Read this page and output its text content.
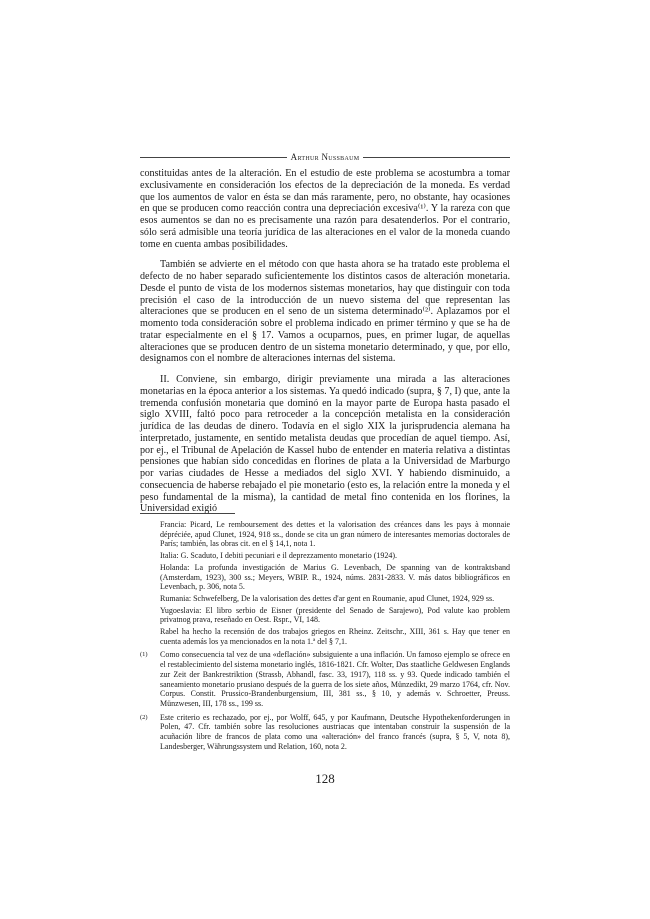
Arthur Nussbaum

constituidas antes de la alteración. En el estudio de este problema se acostumbra a tomar exclusivamente en consideración los efectos de la depreciación de la moneda. Es verdad que los aumentos de valor en ésta se dan más raramente, pero, no obstante, hay ocasiones en que se producen como reacción contra una depreciación excesiva⁽¹⁾. Y la rareza con que esos aumentos se dan no es precisamente una razón para desatenderlos. Por el contrario, sólo será admisible una teoría jurídica de las alteraciones en el valor de la moneda cuando tome en cuenta ambas posibilidades.

También se advierte en el método con que hasta ahora se ha tratado este problema el defecto de no haber separado suficientemente los distintos casos de alteración monetaria. Desde el punto de vista de los modernos sistemas monetarios, hay que distinguir con toda precisión el caso de la introducción de un nuevo sistema del que representan las alteraciones que se producen en el seno de un sistema determinado⁽²⁾. Aplazamos por el momento toda consideración sobre el problema indicado en primer término y que se ha de tratar especialmente en el § 17. Vamos a ocuparnos, pues, en primer lugar, de aquellas alteraciones que se producen dentro de un sistema monetario determinado, y que, por ello, designamos con el nombre de alteraciones internas del sistema.

II. Conviene, sin embargo, dirigir previamente una mirada a las alteraciones monetarias en la época anterior a los sistemas. Ya quedó indicado (supra, § 7, I) que, ante la tremenda confusión monetaria que dominó en la mayor parte de Europa hasta pasado el siglo XVIII, faltó poco para retroceder a la concepción metalista en la consideración jurídica de las deudas de dinero. Todavía en el siglo XIX la jurisprudencia alemana ha interpretado, justamente, en sentido metalista deudas que procedían de aquel tiempo. Así, por ej., el Tribunal de Apelación de Kassel hubo de entender en materia relativa a distintas pensiones que habían sido concedidas en florines de plata a la Universidad de Marburgo por varias ciudades de Hesse a mediados del siglo XVI. Y habiendo disminuido, a consecuencia de haberse rebajado el pie monetario (esto es, la relación entre la moneda y el peso fundamental de la misma), la cantidad de metal fino contenida en los florines, la Universidad exigió

Francia: Picard, Le remboursement des dettes et la valorisation des créances dans les pays à monnaie dépréciée, apud Clunet, 1924, 918 ss., donde se cita un gran número de interesantes memorias doctorales de París; también, las obras cit. en el § 14,1, nota 1.

Italia: G. Scaduto, I debiti pecuniari e il deprezzamento monetario (1924).

Holanda: La profunda investigación de Marius G. Levenbach, De spanning van de kontraktsband (Amsterdam, 1923), 300 ss.; Meyers, WBIP. R., 1924, núms. 2831-2833. V. más datos bibliográficos en Levenbach, p. 306, nota 5.

Rumania: Schwefelberg, De la valorisation des dettes d'ar gent en Roumanie, apud Clunet, 1924, 929 ss.

Yugoeslavia: El libro serbio de Eisner (presidente del Senado de Sarajewo), Pod valute kao problem privatnog prava, reseñado en Oest. Rspr., VI, 148.

Rabel ha hecho la recensión de dos trabajos griegos en Rheinz. Zeitschr., XIII, 361 s. Hay que tener en cuenta además los ya mencionados en la nota 1.ª del § 7,1.

(1) Como consecuencia tal vez de una «deflación» subsiguiente a una inflación. Un famoso ejemplo se ofrece en el restablecimiento del sistema monetario inglés, 1816-1821. Cfr. Wolter, Das staatliche Geldwesen Englands zur Zeit der Bankrestriktion (Strassb, Abhandl, fasc. 33, 1917), 118 ss. y 93. Quede indicado también el saneamiento monetario prusiano después de la guerra de los siete años, Münzedikt, 29 marzo 1764, cfr. Nov. Corpus. Constit. Prussico-Brandenburgensium, III, 381 ss., § 10, y además v. Schroetter, Preuss. Münzwesen, III, 178 ss., 199 ss.

(2) Este criterio es rechazado, por ej., por Wolff, 645, y por Kaufmann, Deutsche Hypothekenforderungen in Polen, 47. Cfr. también sobre las resoluciones austriacas que intentaban construir la suspensión de la acuñación libre de francos de plata como una «alteración» del franco francés (supra, § 5, V, nota 8), Landesberger, Währungssystem und Relation, 160, nota 2.

128
